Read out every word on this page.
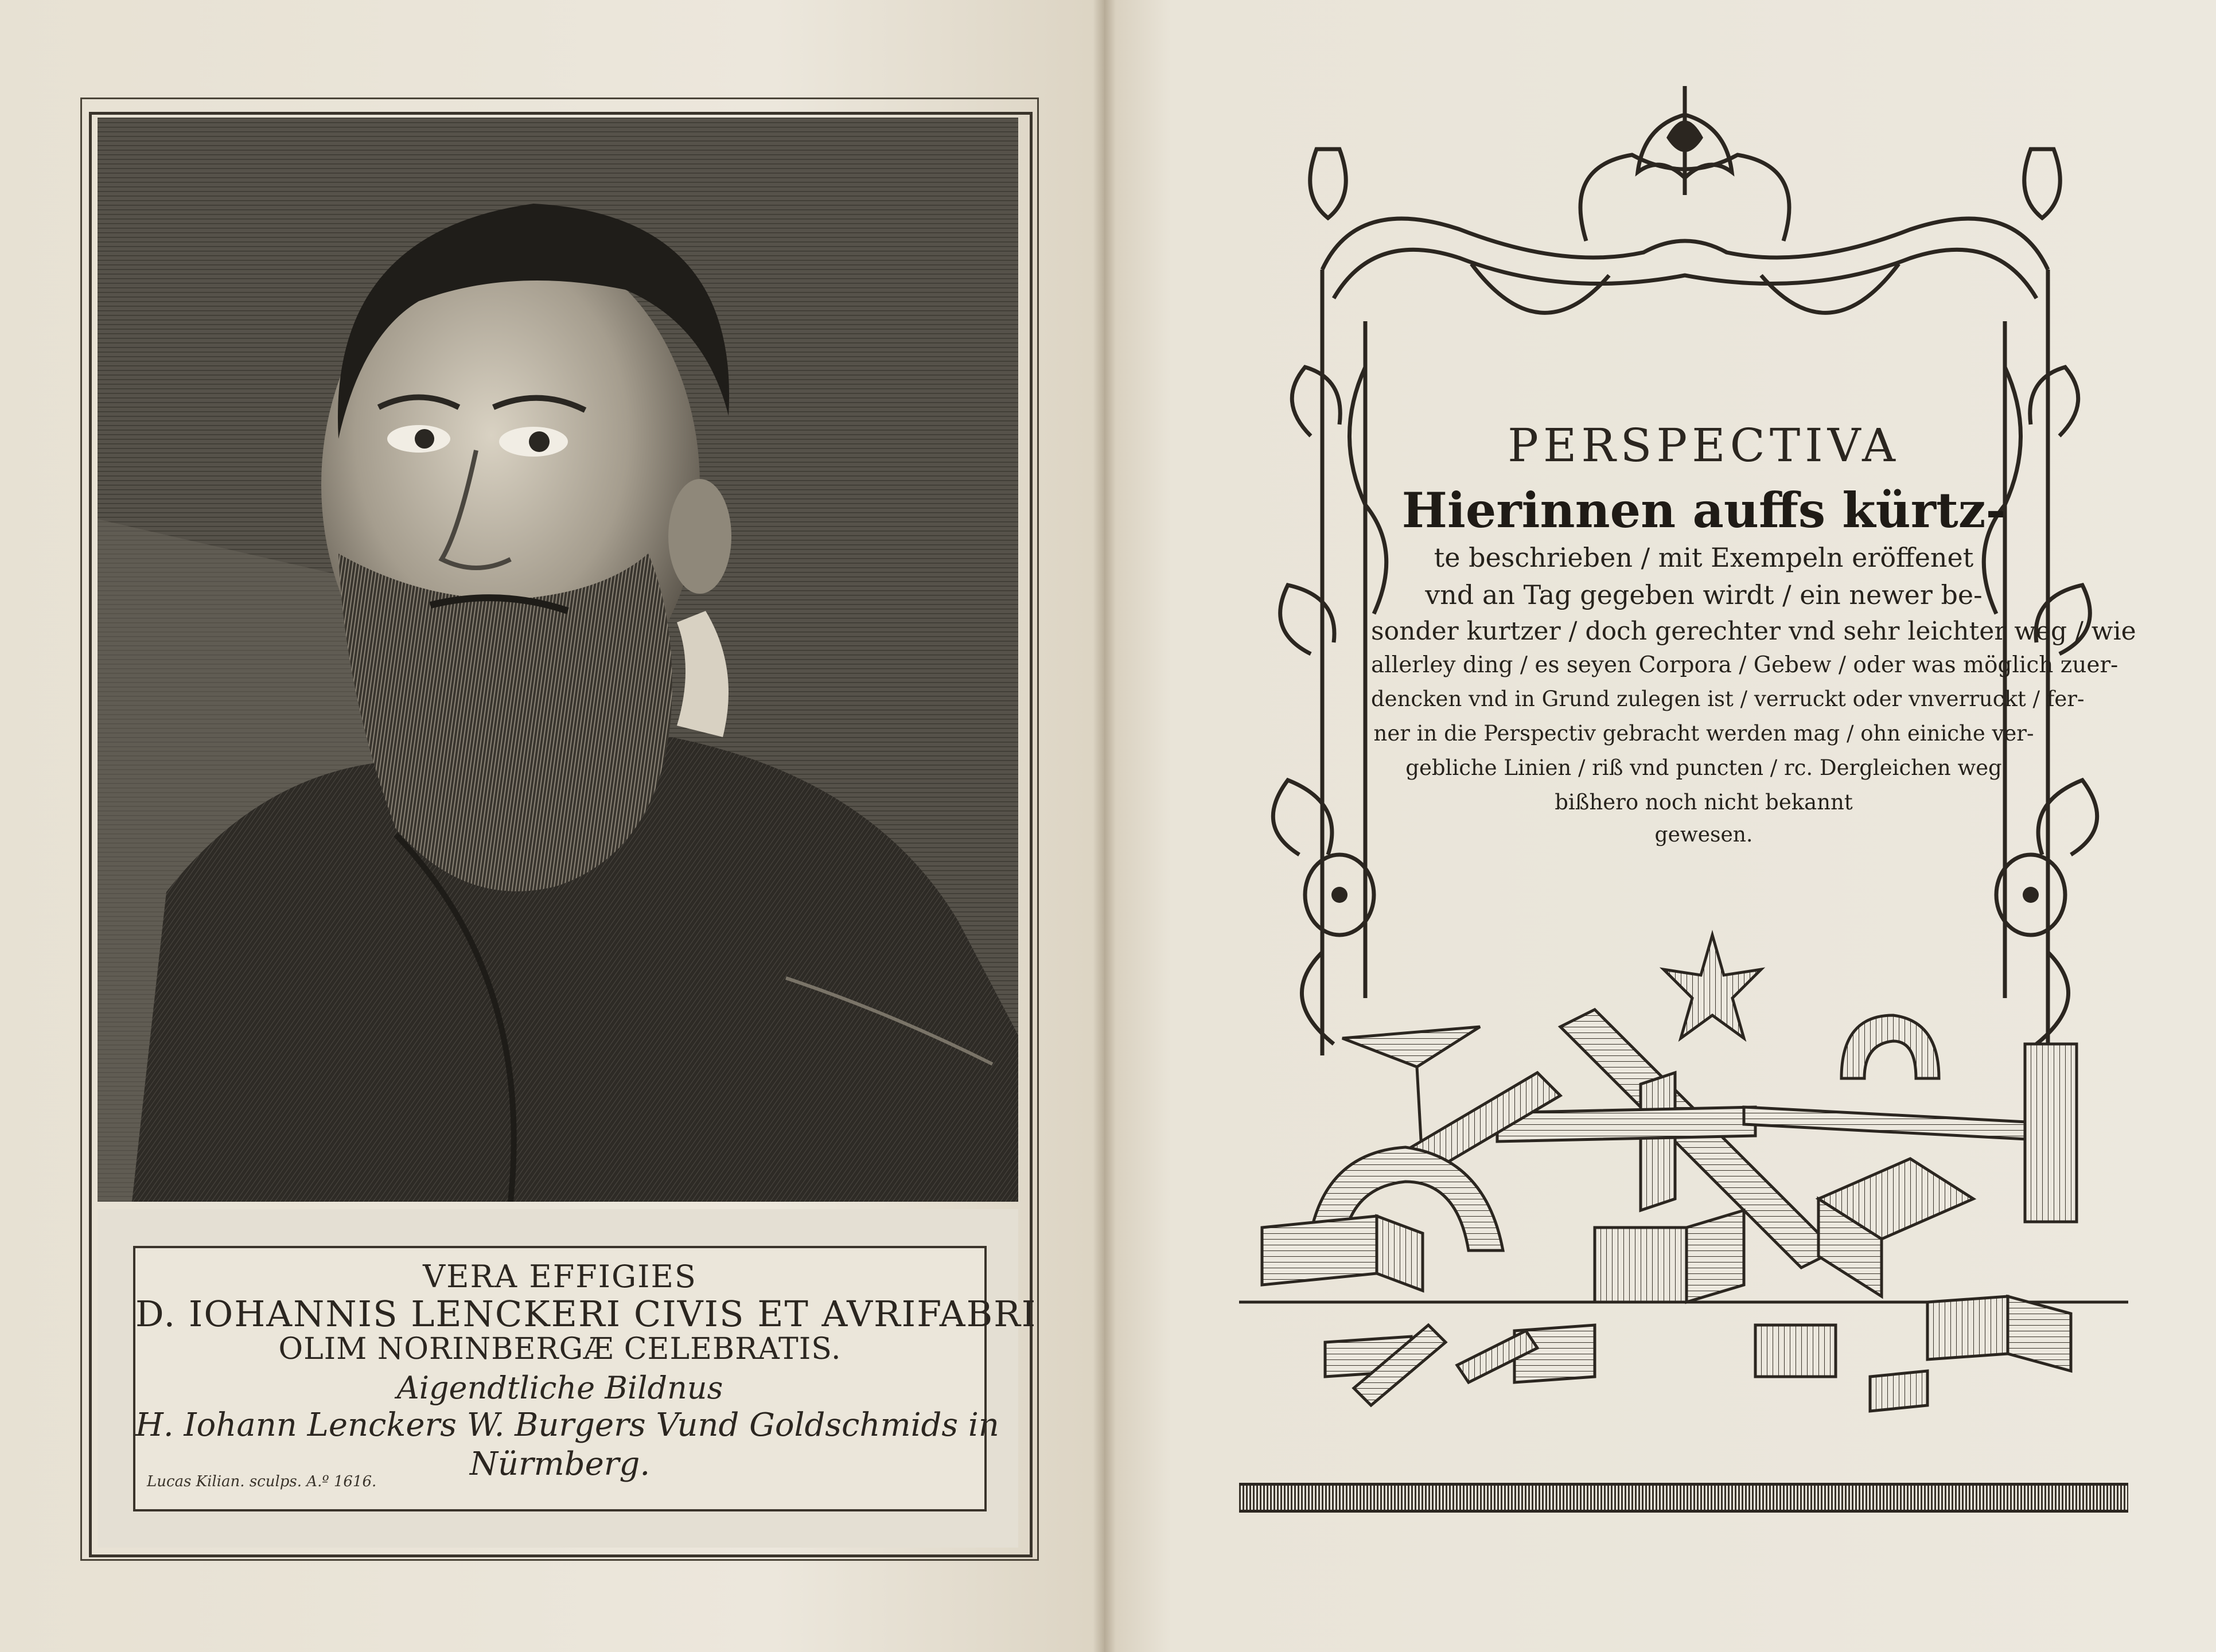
VERA EFFIGIES
D. IOHANNIS LENCKERI CIVIS ET AVRIFABRI
OLIM NORINBERGÆ CELEBRATIS.
Aigendtliche Bildnus
H. Iohann Lenckers W. Burgers Vund Goldschmids in
Nürmberg.
Lucas Kilian. sculps. A.º 1616.
PERSPECTIVA
Hierinnen auffs kürtz-
te beschrieben / mit Exempeln eröffenet
vnd an Tag gegeben wirdt / ein newer be-
sonder kurtzer / doch gerechter vnd sehr leichter weg / wie
allerley ding / es seyen Corpora / Gebew / oder was möglich zuer-
dencken vnd in Grund zulegen ist / verruckt oder vnverruckt / fer-
ner in die Perspectiv gebracht werden mag / ohn einiche ver-
gebliche Linien / riß vnd puncten / rc. Dergleichen weg
bißhero noch nicht bekannt
gewesen.
